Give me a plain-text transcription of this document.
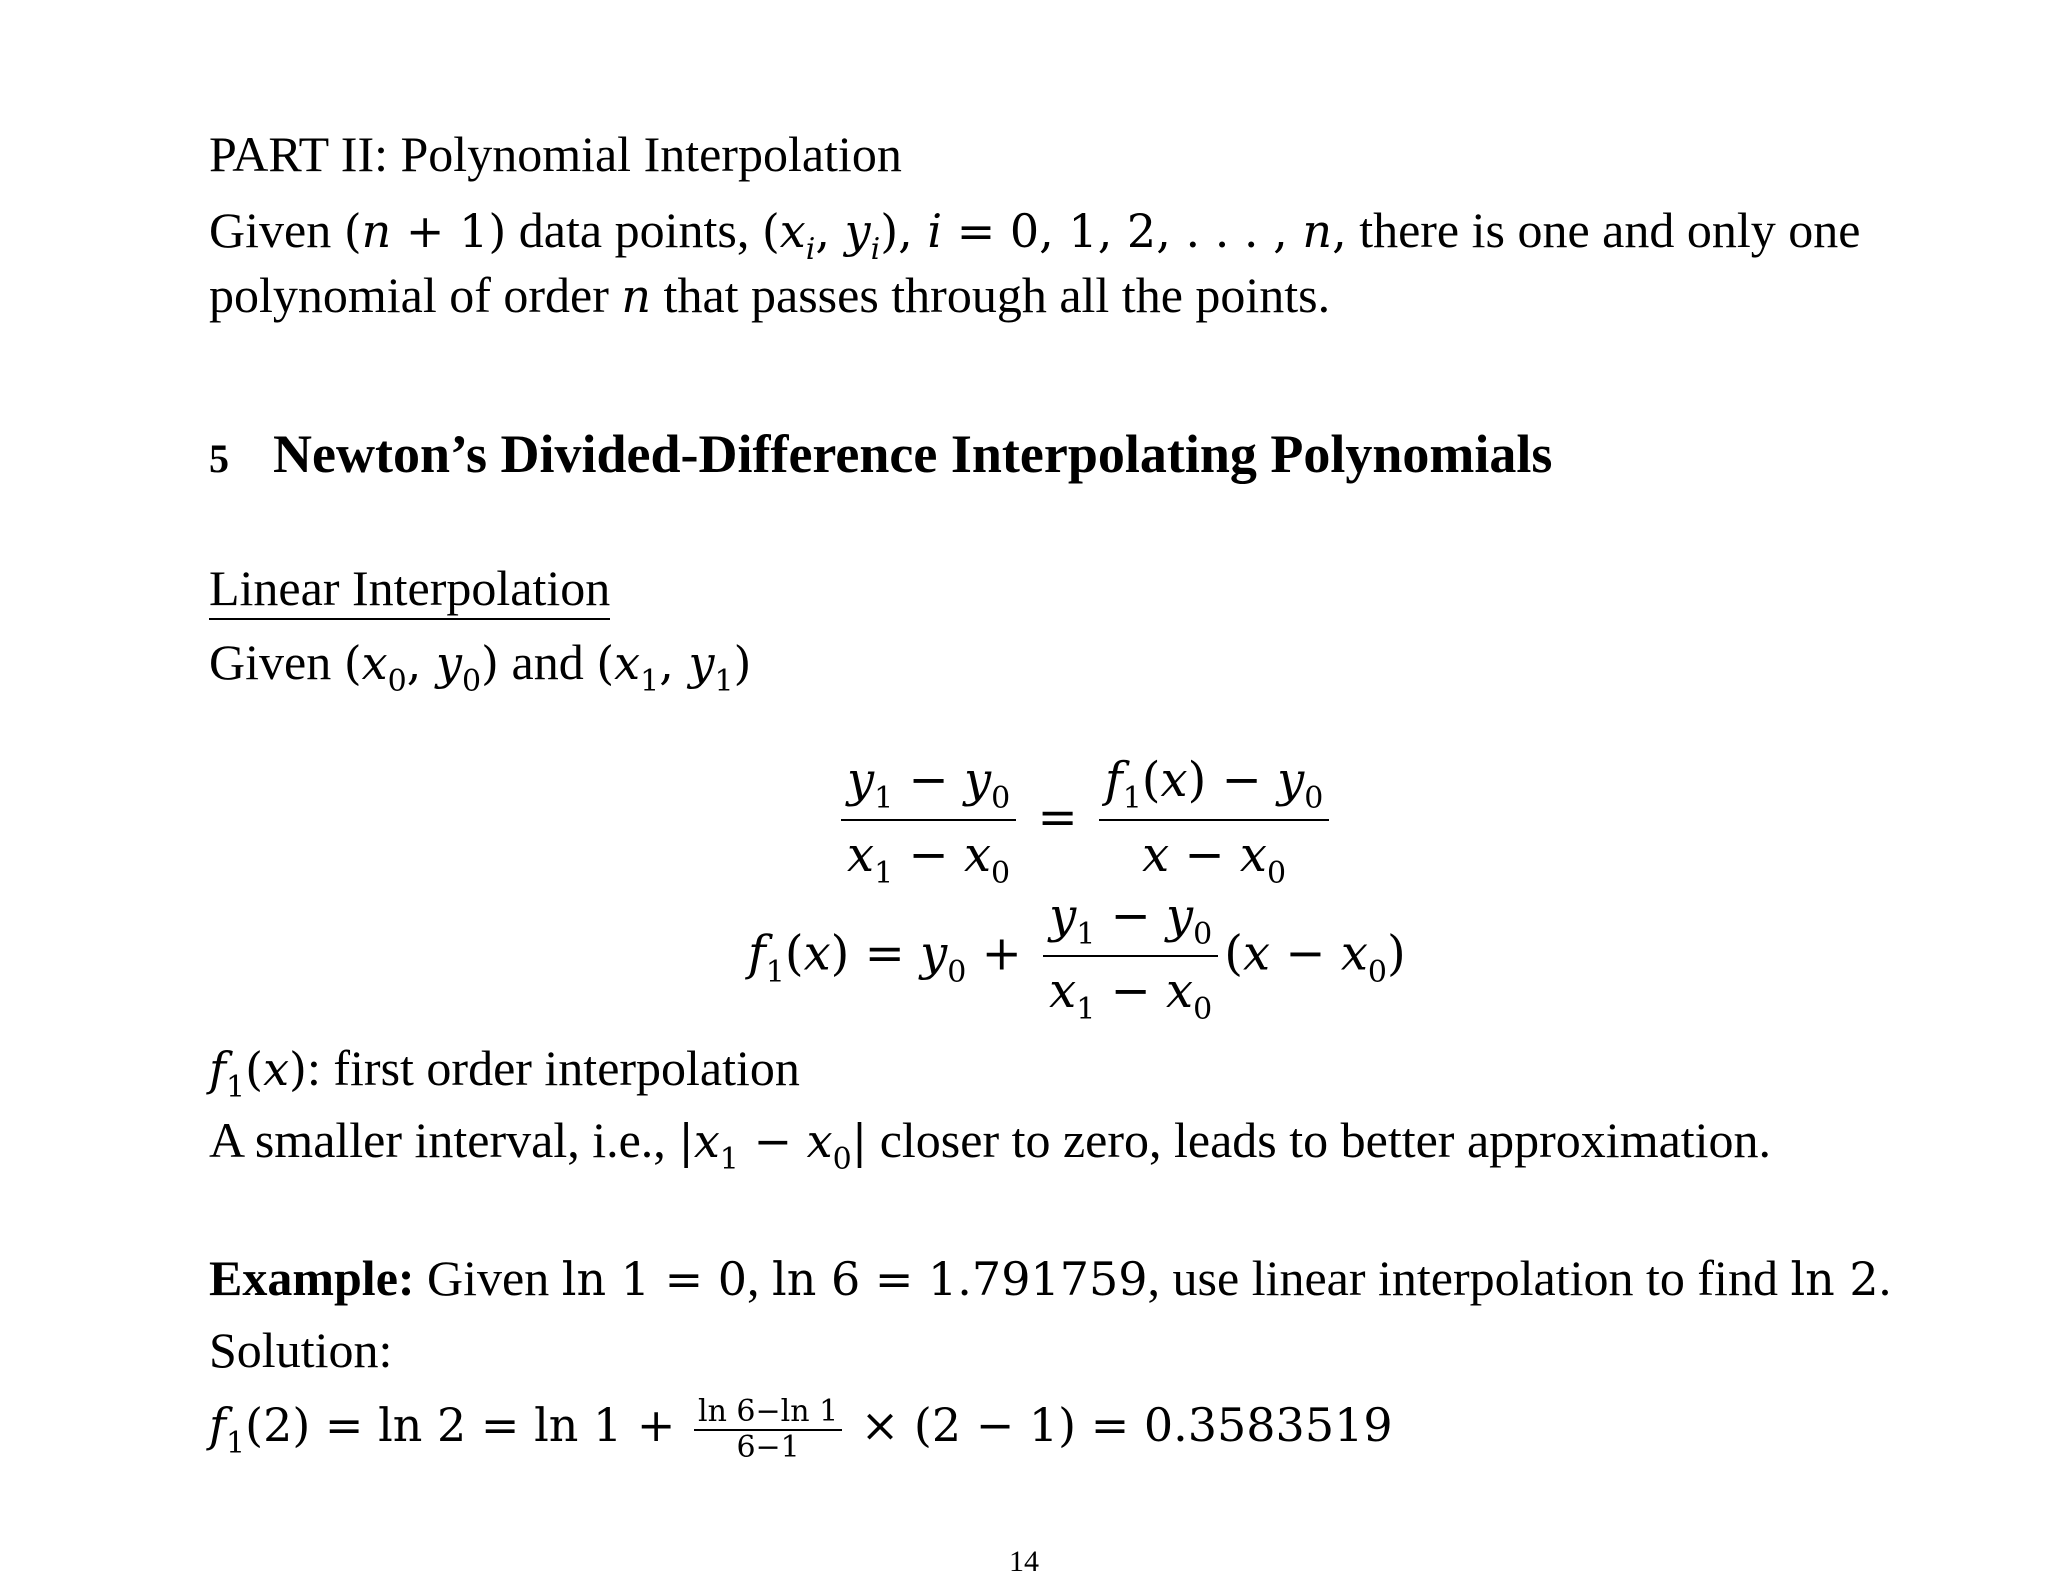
PART II: Polynomial Interpolation
Given (n + 1) data points, ($x_i$, $y_i$), i = 0, 1, 2, . . . , n, there is one and only one
polynomial of order n that passes through all the points.
5 Newton’s Divided-Difference Interpolating Polynomials
Linear Interpolation
Given ($x_0$, $y_0$) and ($x_1$, $y_1$)
$\frac{y_1 - y_0}{x_1 - x_0} = \frac{f_1(x) - y_0}{x - x_0}$
$f_1(x) = y_0 + \frac{y_1 - y_0}{x_1 - x_0} (x - x_0)$
$f_1(x)$: first order interpolation
A smaller interval, i.e., $|x_1 - x_0|$ closer to zero, leads to better approximation.
Example: Given ln 1 = 0, ln 6 = 1.791759, use linear interpolation to find ln 2.
Solution:
$f_1(2) = \ln 2 = \ln 1 + \frac{\ln 6-\ln 1}{6-1} \times (2 - 1) = 0.3583519$
14
